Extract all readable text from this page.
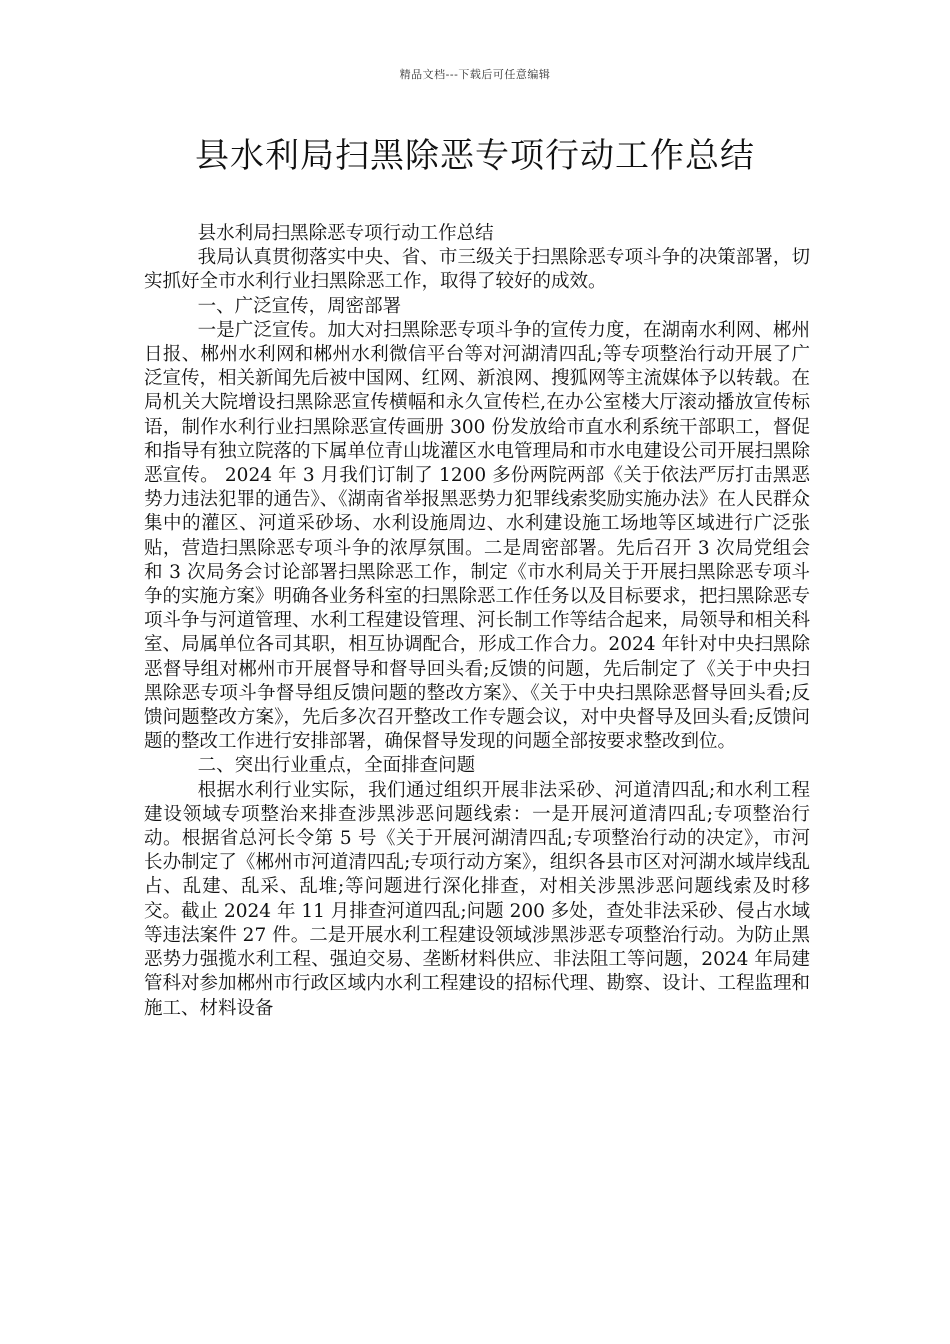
精品文档---下载后可任意编辑
县水利局扫黑除恶专项行动工作总结

县水利局扫黑除恶专项行动工作总结

我局认真贯彻落实中央、省、市三级关于扫黑除恶专项斗争的决策部署，切实抓好全市水利行业扫黑除恶工作，取得了较好的成效。

一、广泛宣传，周密部署

一是广泛宣传。加大对扫黑除恶专项斗争的宣传力度，在湖南水利网、郴州日报、郴州水利网和郴州水利微信平台等对河湖清四乱;等专项整治行动开展了广泛宣传，相关新闻先后被中国网、红网、新浪网、搜狐网等主流媒体予以转载。在局机关大院增设扫黑除恶宣传横幅和永久宣传栏,在办公室楼大厅滚动播放宣传标语，制作水利行业扫黑除恶宣传画册 300 份发放给市直水利系统干部职工，督促和指导有独立院落的下属单位青山垅灌区水电管理局和市水电建设公司开展扫黑除恶宣传。 2024 年 3 月我们订制了 1200 多份两院两部《关于依法严厉打击黑恶势力违法犯罪的通告》、《湖南省举报黑恶势力犯罪线索奖励实施办法》在人民群众集中的灌区、河道采砂场、水利设施周边、水利建设施工场地等区域进行广泛张贴，营造扫黑除恶专项斗争的浓厚氛围。二是周密部署。先后召开 3 次局党组会和 3 次局务会讨论部署扫黑除恶工作，制定《市水利局关于开展扫黑除恶专项斗争的实施方案》明确各业务科室的扫黑除恶工作任务以及目标要求，把扫黑除恶专项斗争与河道管理、水利工程建设管理、河长制工作等结合起来，局领导和相关科室、局属单位各司其职，相互协调配合，形成工作合力。2024 年针对中央扫黑除恶督导组对郴州市开展督导和督导回头看;反馈的问题，先后制定了《关于中央扫黑除恶专项斗争督导组反馈问题的整改方案》、《关于中央扫黑除恶督导回头看;反馈问题整改方案》，先后多次召开整改工作专题会议，对中央督导及回头看;反馈问题的整改工作进行安排部署，确保督导发现的问题全部按要求整改到位。

二、突出行业重点，全面排查问题

根据水利行业实际，我们通过组织开展非法采砂、河道清四乱;和水利工程建设领域专项整治来排查涉黑涉恶问题线索：一是开展河道清四乱;专项整治行动。根据省总河长令第 5 号《关于开展河湖清四乱;专项整治行动的决定》，市河长办制定了《郴州市河道清四乱;专项行动方案》，组织各县市区对河湖水域岸线乱占、乱建、乱采、乱堆;等问题进行深化排查，对相关涉黑涉恶问题线索及时移交。截止 2024 年 11 月排查河道四乱;问题 200 多处，查处非法采砂、侵占水域等违法案件 27 件。二是开展水利工程建设领域涉黑涉恶专项整治行动。为防止黑恶势力强揽水利工程、强迫交易、垄断材料供应、非法阻工等问题，2024 年局建管科对参加郴州市行政区域内水利工程建设的招标代理、勘察、设计、工程监理和施工、材料设备
